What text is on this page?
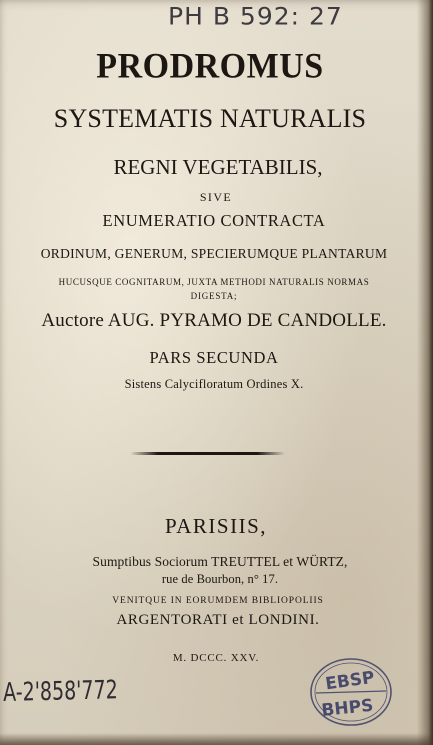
PH B 592: 27
PRODROMUS
SYSTEMATIS NATURALIS
REGNI VEGETABILIS,
SIVE
ENUMERATIO CONTRACTA
ORDINUM, GENERUM, SPECIERUMQUE PLANTARUM
HUCUSQUE COGNITARUM, JUXTA METHODI NATURALIS NORMAS
DIGESTA;
Auctore AUG. PYRAMO DE CANDOLLE.
PARS SECUNDA
Sistens Calycifloratum Ordines X.
PARISIIS,
Sumptibus Sociorum TREUTTEL et WÜRTZ,
rue de Bourbon, n° 17.
VENITQUE IN EORUMDEM BIBLIOPOLIIS
ARGENTORATI et LONDINI.
M. DCCC. XXV.
A-2'858'772	EBSP
BHPS
